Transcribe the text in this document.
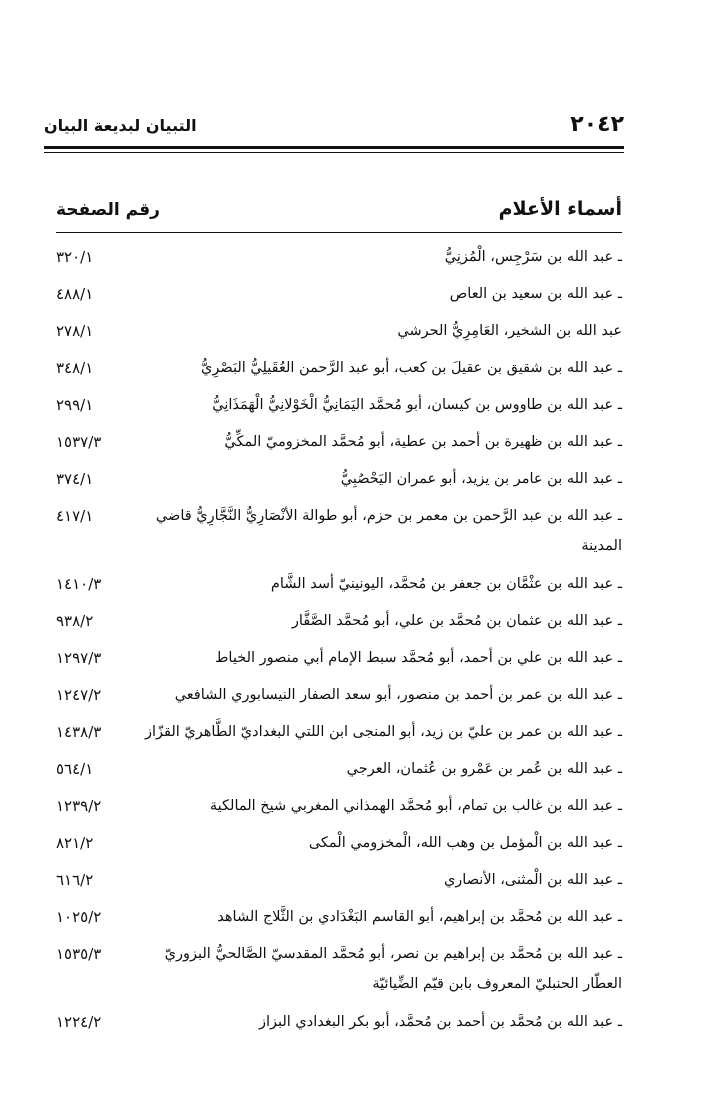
٢٠٤٢
التبيان لبديعة البيان
أسماء الأعلام
رقم الصفحة
ـ عبد الله بن سَرْجِس، الْمُزنِيُّ
٣٢٠/١
ـ عبد الله بن سعيد بن العاص
٤٨٨/١
عبد الله بن الشخير، العَامِرِيُّ الحرشي
٢٧٨/١
ـ عبد الله بن شقيق بن عقيلَ بن كعب، أبو عبد الرَّحمن العُقَيلِيُّ البَصْرِيُّ
٣٤٨/١
ـ عبد الله بن طاووس بن كيسان، أبو مُحمَّد اليَمَانِيُّ الْخَوْلانِيُّ الْهَمَذَانِيُّ
٢٩٩/١
ـ عبد الله بن ظهيرة بن أحمد بن عطية، أبو مُحمَّد المخزوميّ المكِّيُّ
١٥٣٧/٣
ـ عبد الله بن عامر بن يزيد، أبو عمران اليَحْصُبِيُّ
٣٧٤/١
ـ عبد الله بن عبد الرَّحمن بن معمر بن حزم، أبو طوالة الأنْصَارِيُّ النَّجَّارِيُّ قاضي المدينة
٤١٧/١
ـ عبد الله بن عثْمَّان بن جعفر بن مُحمَّد، اليونينيّ أسد الشَّام
١٤١٠/٣
ـ عبد الله بن عثمان بن مُحمَّد بن علي، أبو مُحمَّد الصَّفَّار
٩٣٨/٢
ـ عبد الله بن علي بن أحمد، أبو مُحمَّد سبط الإمام أبي منصور الخياط
١٢٩٧/٣
ـ عبد الله بن عمر بن أحمد بن منصور، أبو سعد الصفار النيسابوري الشافعي
١٢٤٧/٢
ـ عبد الله بن عمر بن عليّ بن زيد، أبو المنجى ابن اللتي البغداديّ الطَّاهريّ القزّاز
١٤٣٨/٣
ـ عبد الله بن عُمر بن عَمْرو بن عُثمان، العرجي
٥٦٤/١
ـ عبد الله بن غالب بن تمام، أبو مُحمَّد الهمذاني المغربي شيخ المالكية
١٢٣٩/٢
ـ عبد الله بن الْمؤمل بن وهب الله، الْمخزومي الْمكى
٨٢١/٢
ـ عبد الله بن الْمثنى، الأنصاري
٦١٦/٢
ـ عبد الله بن مُحمَّد بن إبراهيم، أبو القاسم البَغْدَادي بن الثَّلاج الشاهد
١٠٢٥/٢
ـ عبد الله بن مُحمَّد بن إبراهيم بن نصر، أبو مُحمَّد المقدسيّ الصَّالحيُّ البزوريّ العطّار الحنبليّ المعروف بابن قيّم الضِّيائيّة
١٥٣٥/٣
ـ عبد الله بن مُحمَّد بن أحمد بن مُحمَّد، أبو بكر البغدادي البزاز
١٢٢٤/٢
